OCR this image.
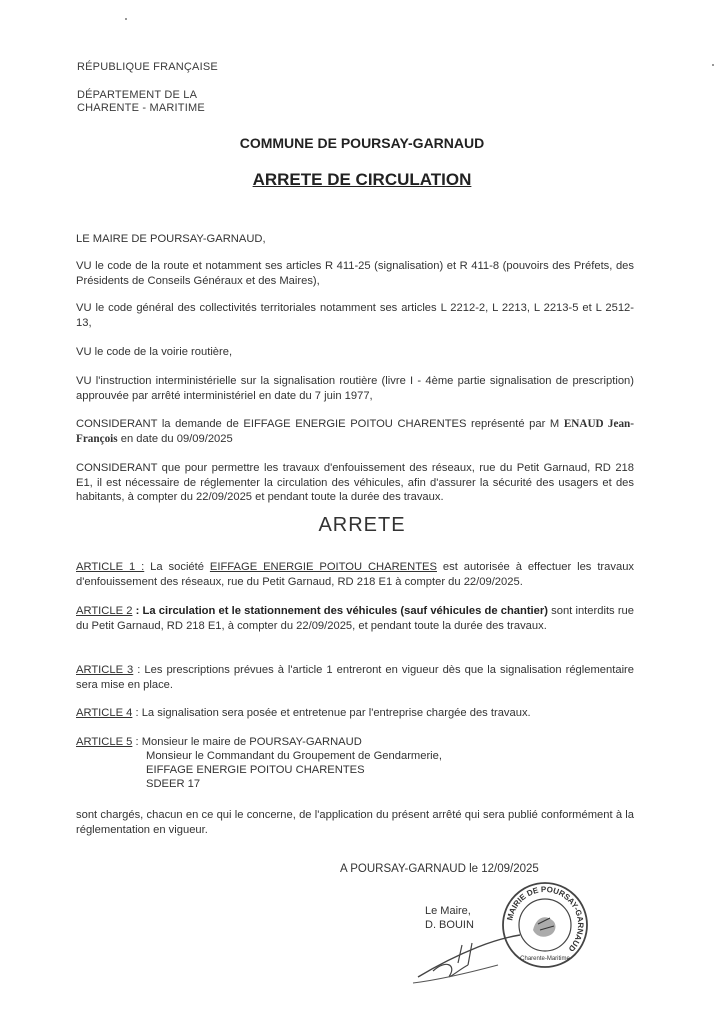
RÉPUBLIQUE FRANÇAISE
DÉPARTEMENT DE LA
CHARENTE - MARITIME
COMMUNE DE POURSAY-GARNAUD
ARRETE DE CIRCULATION
LE MAIRE DE POURSAY-GARNAUD,
VU le code de la route et notamment ses articles R 411-25 (signalisation) et R 411-8 (pouvoirs des Préfets, des Présidents de Conseils Généraux et des Maires),
VU le code général des collectivités territoriales notamment ses articles L 2212-2, L 2213, L 2213-5 et L 2512-13,
VU le code de la voirie routière,
VU l'instruction interministérielle sur la signalisation routière (livre I - 4ème partie signalisation de prescription) approuvée par arrêté interministériel en date du 7 juin 1977,
CONSIDERANT la demande de EIFFAGE ENERGIE POITOU CHARENTES représenté par M ENAUD Jean-François en date du 09/09/2025
CONSIDERANT que pour permettre les travaux d'enfouissement des réseaux, rue du Petit Garnaud, RD 218 E1, il est nécessaire de réglementer la circulation des véhicules, afin d'assurer la sécurité des usagers et des habitants, à compter du 22/09/2025 et pendant toute la durée des travaux.
ARRETE
ARTICLE 1 : La société EIFFAGE ENERGIE POITOU CHARENTES est autorisée à effectuer les travaux d'enfouissement des réseaux, rue du Petit Garnaud, RD 218 E1 à compter du 22/09/2025.
ARTICLE 2 : La circulation et le stationnement des véhicules (sauf véhicules de chantier) sont interdits rue du Petit Garnaud, RD 218 E1, à compter du 22/09/2025, et pendant toute la durée des travaux.
ARTICLE 3 : Les prescriptions prévues à l'article 1 entreront en vigueur dès que la signalisation réglementaire sera mise en place.
ARTICLE 4 : La signalisation sera posée et entretenue par l'entreprise chargée des travaux.
ARTICLE 5 : Monsieur le maire de POURSAY-GARNAUD
Monsieur le Commandant du Groupement de Gendarmerie,
EIFFAGE ENERGIE POITOU CHARENTES
SDEER 17
sont chargés, chacun en ce qui le concerne, de l'application du présent arrêté qui sera publié conformément à la réglementation en vigueur.
A POURSAY-GARNAUD le 12/09/2025
Le Maire,
D. BOUIN
MAIRIE DE POURSAY-GARNAUD
Charente-Maritime
